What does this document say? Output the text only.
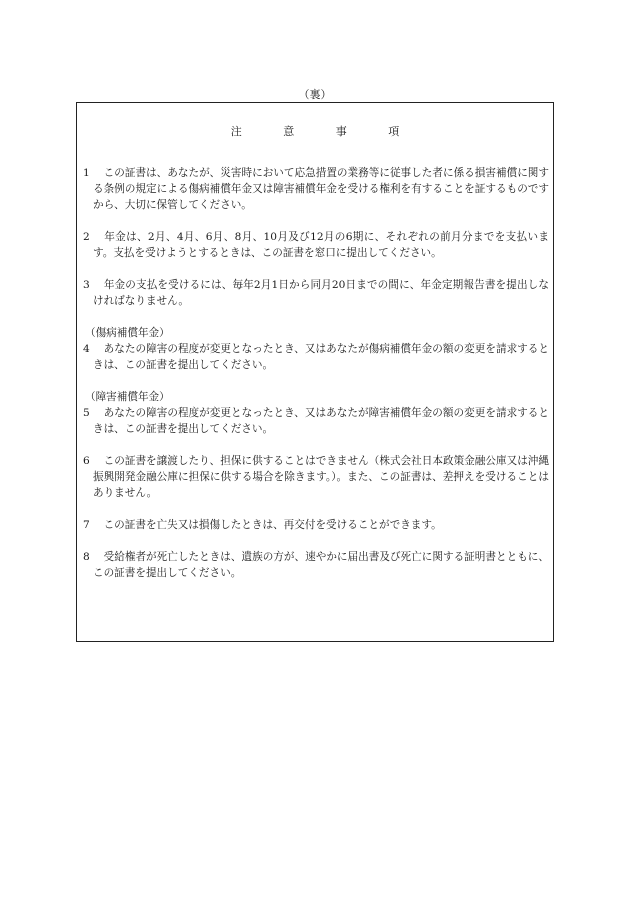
（裏）
注	意	事	項
1　 この証書は、あなたが、災害時において応急措置の業務等に従事した者に係る損害補償に関する条例の規定による傷病補償年金又は障害補償年金を受ける権利を有することを証するものですから、大切に保管してください。
2　 年金は、2月、4月、6月、8月、10月及び12月の6期に、それぞれの前月分までを支払います。支払を受けようとするときは、この証書を窓口に提出してください。
3　 年金の支払を受けるには、毎年2月1日から同月20日までの間に、年金定期報告書を提出しなければなりません。
（傷病補償年金）
4　 あなたの障害の程度が変更となったとき、又はあなたが傷病補償年金の額の変更を請求するときは、この証書を提出してください。
（障害補償年金）
5　 あなたの障害の程度が変更となったとき、又はあなたが障害補償年金の額の変更を請求するときは、この証書を提出してください。
6　 この証書を譲渡したり、担保に供することはできません（株式会社日本政策金融公庫又は沖縄振興開発金融公庫に担保に供する場合を除きます。）。また、この証書は、差押えを受けることはありません。
7　 この証書を亡失又は損傷したときは、再交付を受けることができます。
8　 受給権者が死亡したときは、遺族の方が、速やかに届出書及び死亡に関する証明書とともに、この証書を提出してください。
